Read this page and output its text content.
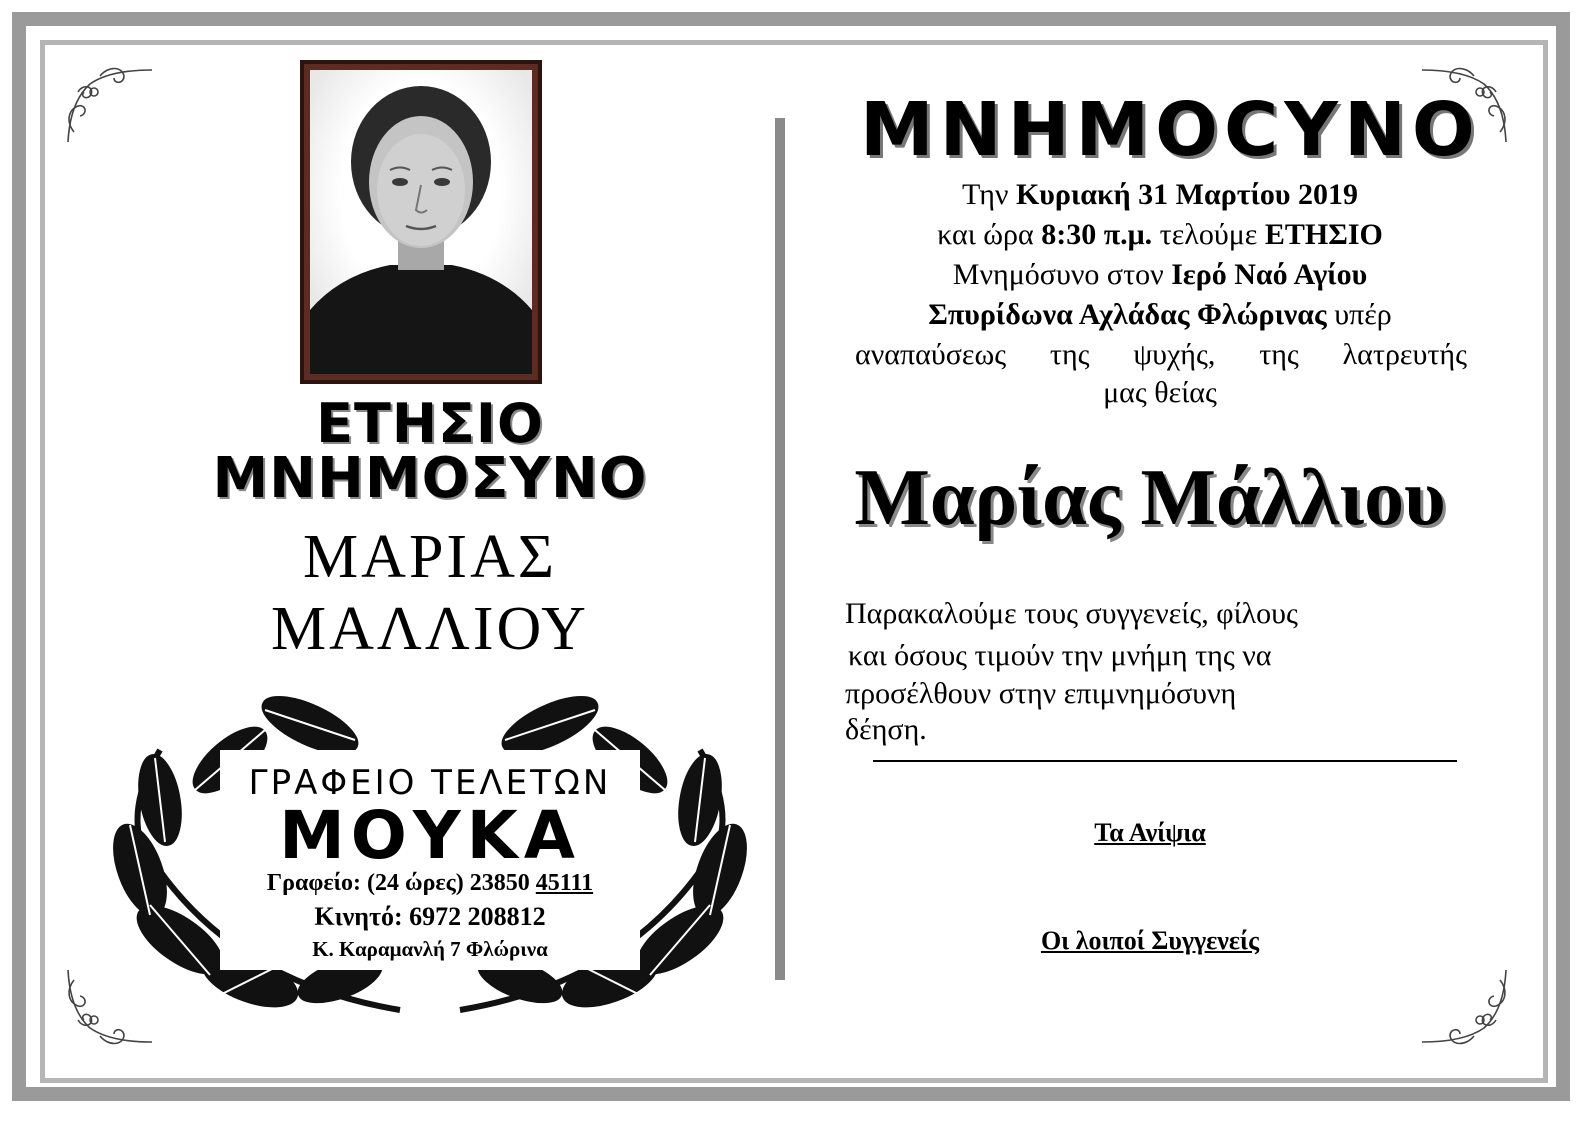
ΕΤΗΣΙΟ
ΜΝΗΜΟΣΥΝΟ
ΜΑΡΙΑΣ
ΜΑΛΛΙΟΥ
ΓΡΑΦΕΙΟ ΤΕΛΕΤΩΝ
ΜΟΥΚΑ
Γραφείο: (24 ώρες) 23850 45111
Κινητό: 6972 208812
Κ. Καραμανλή 7 Φλώρινα
ΜΝΗΜΟCΥΝΟ
Την Κυριακή 31 Μαρτίου 2019
και ώρα 8:30 π.μ. τελούμε ΕΤΗΣΙΟ
Μνημόσυνο στον Ιερό Ναό Αγίου
Σπυρίδωνα Αχλάδας Φλώρινας υπέρ
αναπαύσεως της ψυχής, της λατρευτής
μας θείας
Μαρίας Μάλλιου
Παρακαλούμε τους συγγενείς, φίλους
και όσους τιμούν την μνήμη της να
προσέλθουν στην επιμνημόσυνη
δέηση.
Τα Ανίψια
Οι λοιποί Συγγενείς
